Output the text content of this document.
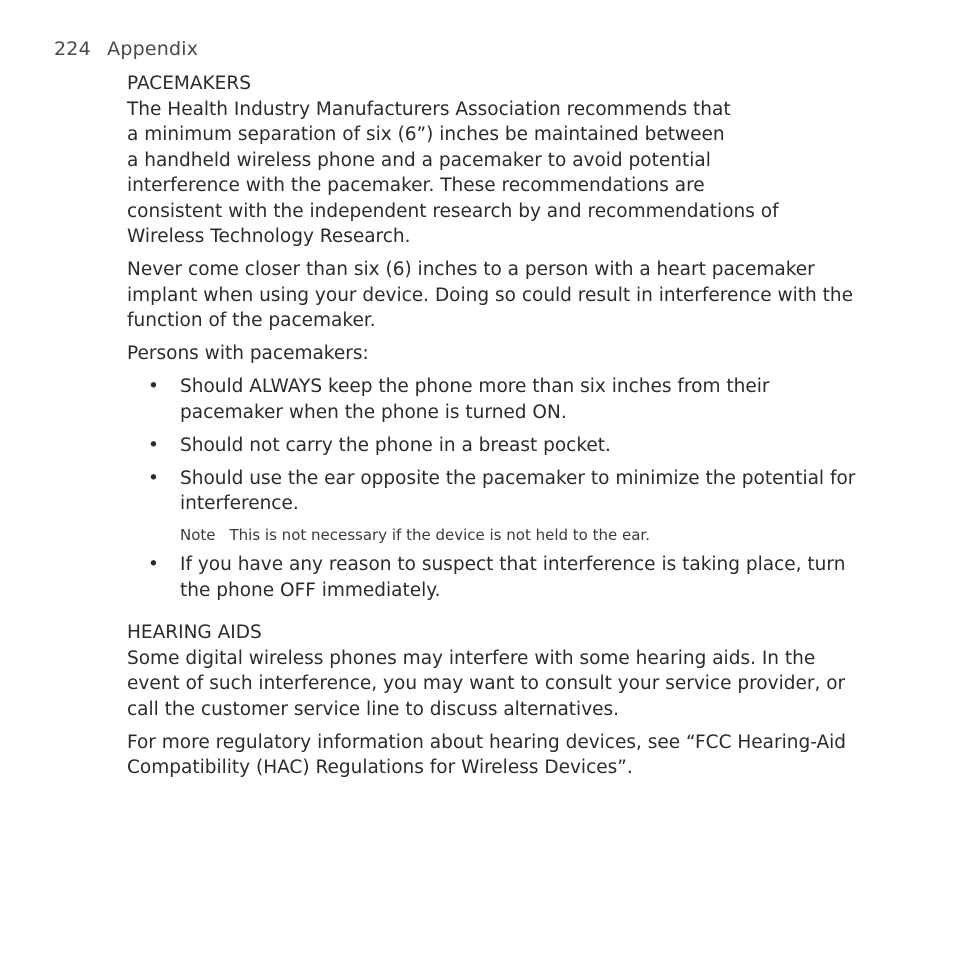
224 Appendix
PACEMAKERS

The Health Industry Manufacturers Association recommends that
a minimum separation of six (6”) inches be maintained between
a handheld wireless phone and a pacemaker to avoid potential
interference with the pacemaker. These recommendations are
consistent with the independent research by and recommendations of
Wireless Technology Research.

Never come closer than six (6) inches to a person with a heart pacemaker implant when using your device. Doing so could result in interference with the function of the pacemaker.

Persons with pacemakers:

• Should ALWAYS keep the phone more than six inches from their pacemaker when the phone is turned ON.
• Should not carry the phone in a breast pocket.
• Should use the ear opposite the pacemaker to minimize the potential for interference.
Note This is not necessary if the device is not held to the ear.
• If you have any reason to suspect that interference is taking place, turn the phone OFF immediately.
HEARING AIDS

Some digital wireless phones may interfere with some hearing aids. In the event of such interference, you may want to consult your service provider, or call the customer service line to discuss alternatives.

For more regulatory information about hearing devices, see “FCC Hearing-Aid Compatibility (HAC) Regulations for Wireless Devices”.
